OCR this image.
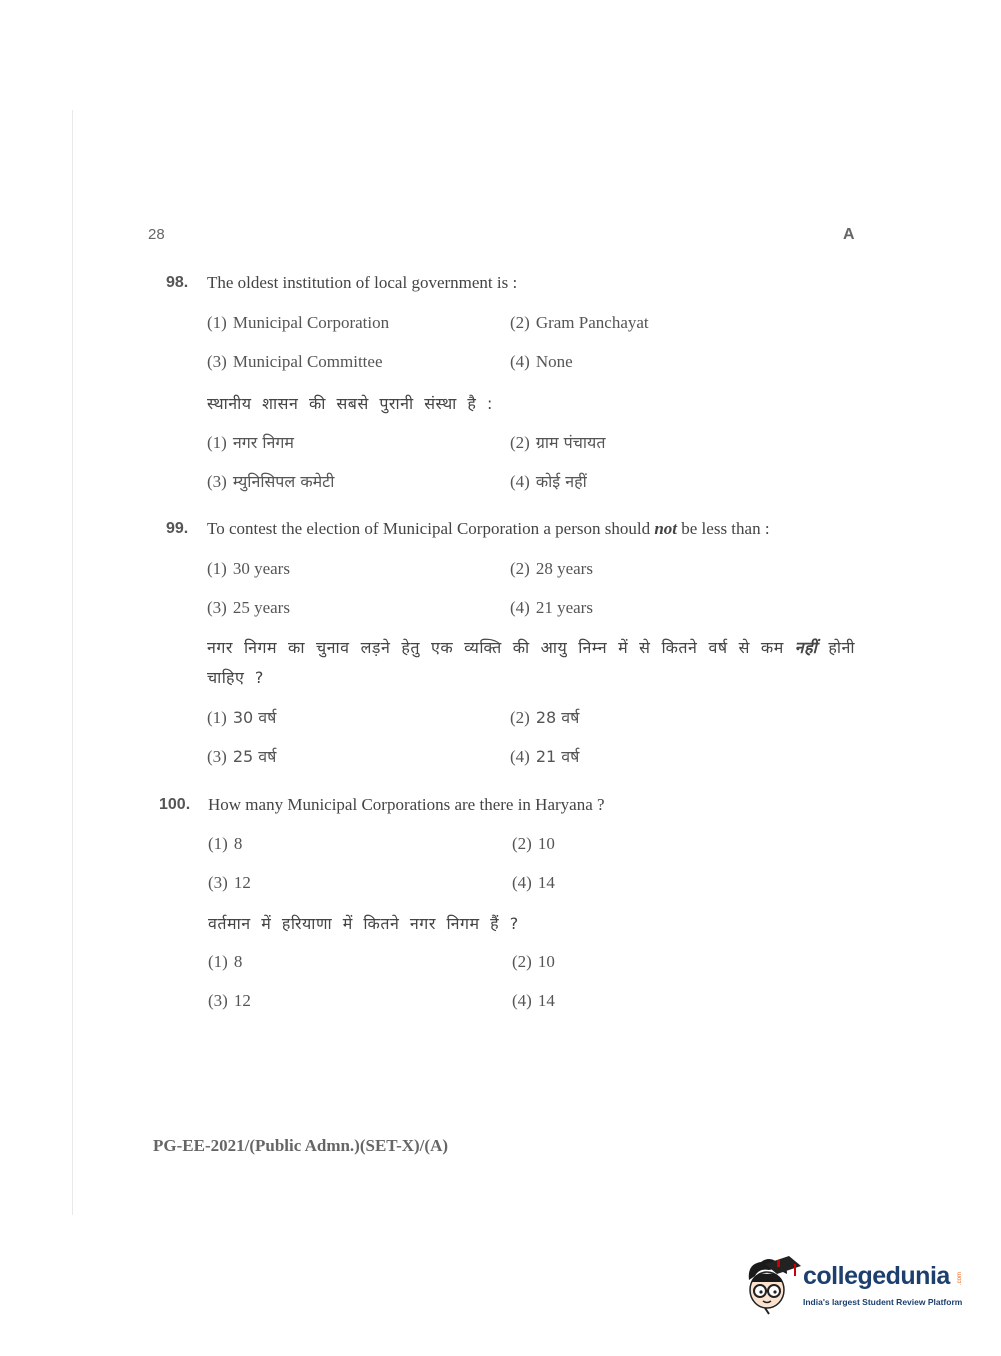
28	A
98. The oldest institution of local government is :
(1) Municipal Corporation	(2) Gram Panchayat
(3) Municipal Committee	(4) None
स्थानीय शासन की सबसे पुरानी संस्था है :
(1) नगर निगम	(2) ग्राम पंचायत
(3) म्युनिसिपल कमेटी	(4) कोई नहीं
99. To contest the election of Municipal Corporation a person should not be less than :
(1) 30 years	(2) 28 years
(3) 25 years	(4) 21 years
नगर निगम का चुनाव लड़ने हेतु एक व्यक्ति की आयु निम्न में से कितने वर्ष से कम नहीं होनी चाहिए ?
(1) 30 वर्ष	(2) 28 वर्ष
(3) 25 वर्ष	(4) 21 वर्ष
100. How many Municipal Corporations are there in Haryana ?
(1) 8	(2) 10
(3) 12	(4) 14
वर्तमान में हरियाणा में कितने नगर निगम हैं ?
(1) 8	(2) 10
(3) 12	(4) 14
PG-EE-2021/(Public Admn.)(SET-X)/(A)
collegedunia .com
India's largest Student Review Platform
